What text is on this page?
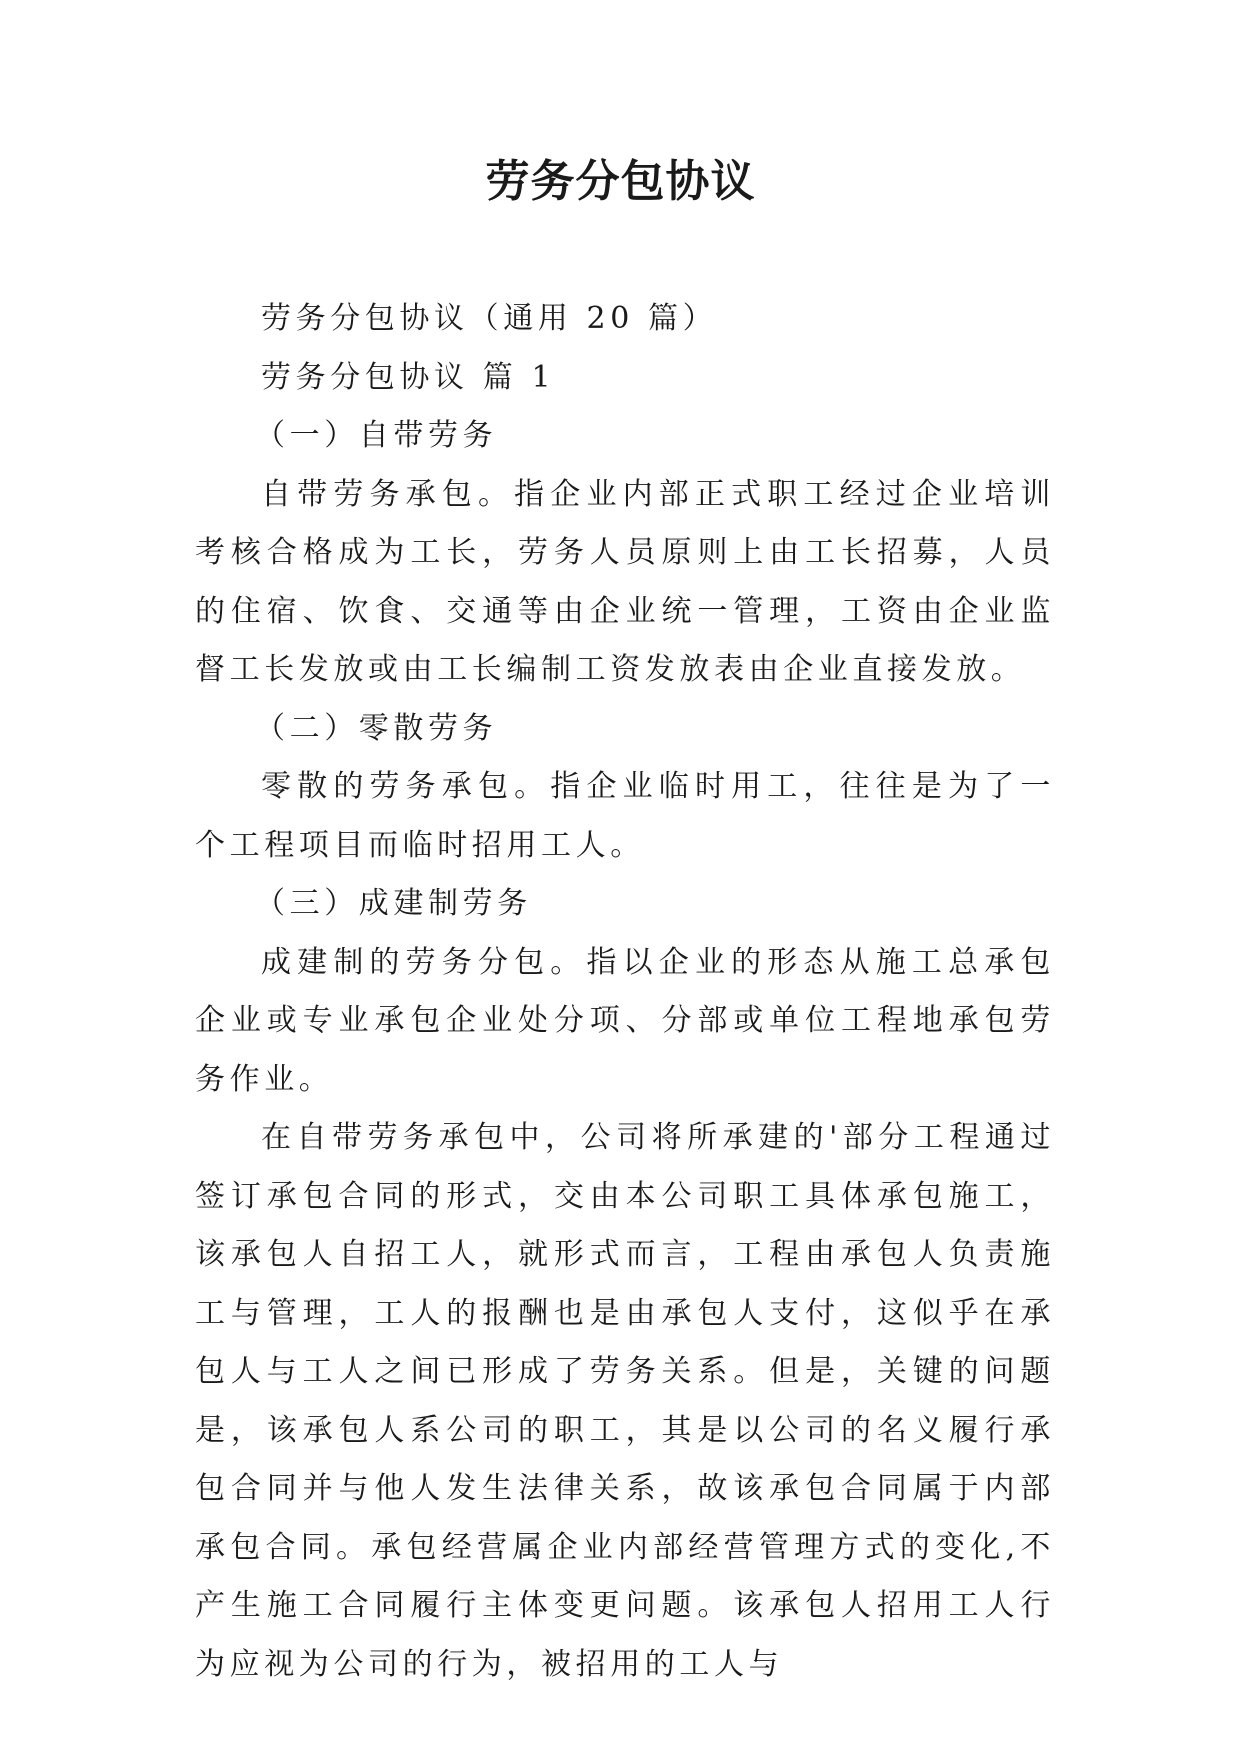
劳务分包协议

劳务分包协议（通用 20 篇）

劳务分包协议 篇 1

（一）自带劳务

自带劳务承包。指企业内部正式职工经过企业培训考核合格成为工长，劳务人员原则上由工长招募，人员的住宿、饮食、交通等由企业统一管理，工资由企业监督工长发放或由工长编制工资发放表由企业直接发放。

（二）零散劳务

零散的劳务承包。指企业临时用工，往往是为了一个工程项目而临时招用工人。

（三）成建制劳务

成建制的劳务分包。指以企业的形态从施工总承包企业或专业承包企业处分项、分部或单位工程地承包劳务作业。

在自带劳务承包中，公司将所承建的'部分工程通过签订承包合同的形式，交由本公司职工具体承包施工，该承包人自招工人，就形式而言，工程由承包人负责施工与管理，工人的报酬也是由承包人支付，这似乎在承包人与工人之间已形成了劳务关系。但是，关键的问题是，该承包人系公司的职工，其是以公司的名义履行承包合同并与他人发生法律关系，故该承包合同属于内部承包合同。承包经营属企业内部经营管理方式的变化,不产生施工合同履行主体变更问题。该承包人招用工人行为应视为公司的行为，被招用的工人与
